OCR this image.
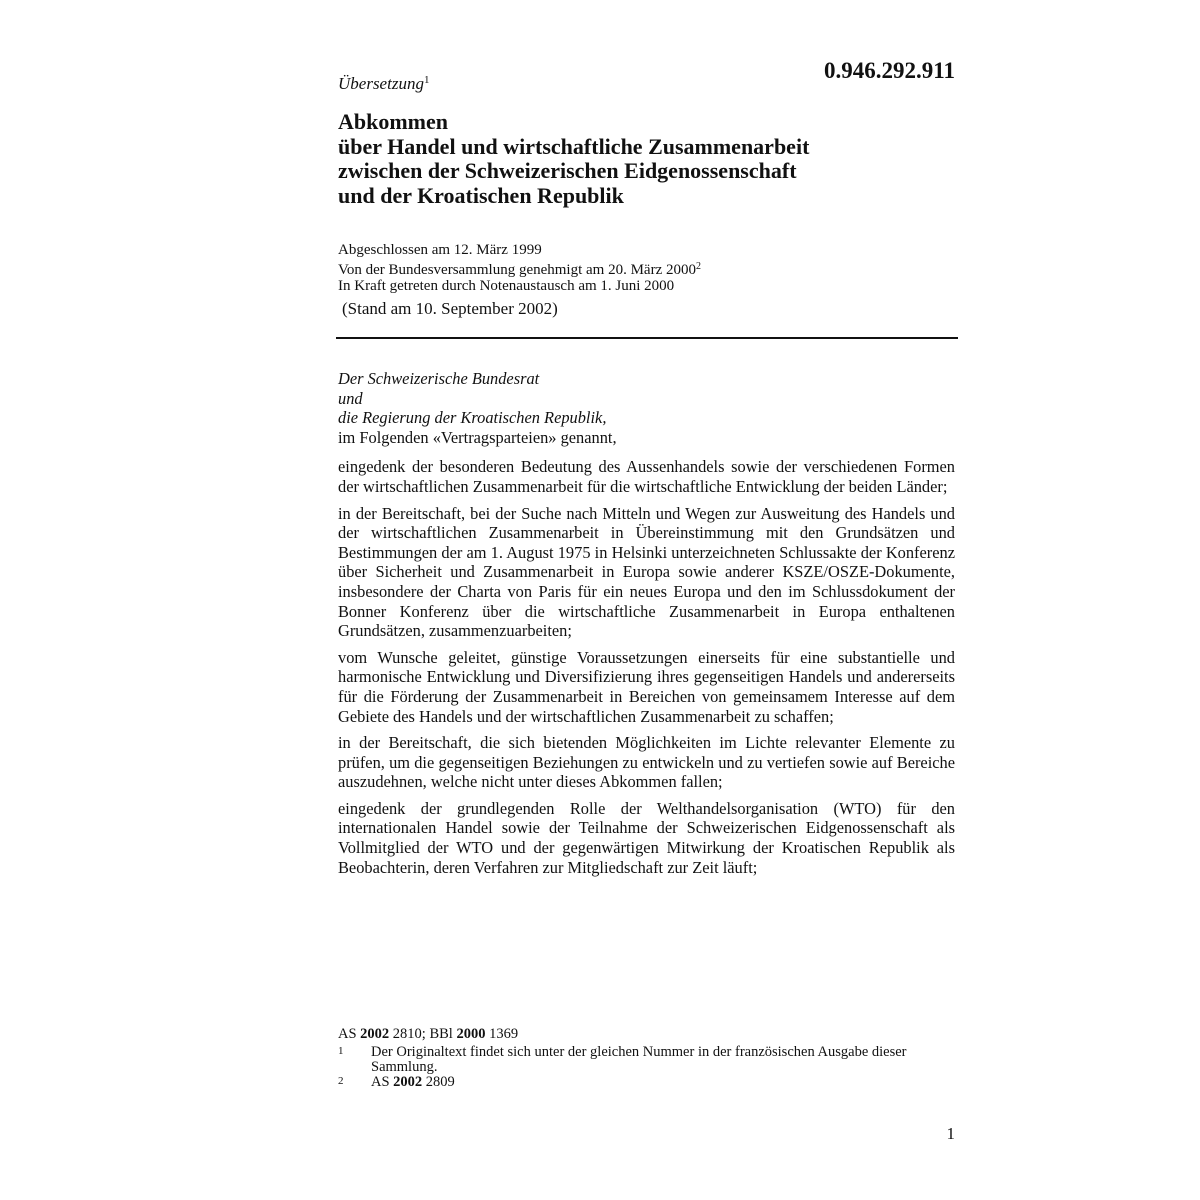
Übersetzung$^1$	0.946.292.911
Abkommen
über Handel und wirtschaftliche Zusammenarbeit
zwischen der Schweizerischen Eidgenossenschaft
und der Kroatischen Republik
Abgeschlossen am 12. März 1999
Von der Bundesversammlung genehmigt am 20. März 2000$^2$
In Kraft getreten durch Notenaustausch am 1. Juni 2000
(Stand am 10. September 2002)
Der Schweizerische Bundesrat
und
die Regierung der Kroatischen Republik,
im Folgenden «Vertragsparteien» genannt,
eingedenk der besonderen Bedeutung des Aussenhandels sowie der verschiedenen Formen der wirtschaftlichen Zusammenarbeit für die wirtschaftliche Entwicklung der beiden Länder;
in der Bereitschaft, bei der Suche nach Mitteln und Wegen zur Ausweitung des Handels und der wirtschaftlichen Zusammenarbeit in Übereinstimmung mit den Grundsätzen und Bestimmungen der am 1. August 1975 in Helsinki unterzeichneten Schlussakte der Konferenz über Sicherheit und Zusammenarbeit in Europa sowie anderer KSZE/OSZE-Dokumente, insbesondere der Charta von Paris für ein neues Europa und den im Schlussdokument der Bonner Konferenz über die wirtschaftliche Zusammenarbeit in Europa enthaltenen Grundsätzen, zusammenzuarbeiten;
vom Wunsche geleitet, günstige Voraussetzungen einerseits für eine substantielle und harmonische Entwicklung und Diversifizierung ihres gegenseitigen Handels und andererseits für die Förderung der Zusammenarbeit in Bereichen von gemeinsamem Interesse auf dem Gebiete des Handels und der wirtschaftlichen Zusammenarbeit zu schaffen;
in der Bereitschaft, die sich bietenden Möglichkeiten im Lichte relevanter Elemente zu prüfen, um die gegenseitigen Beziehungen zu entwickeln und zu vertiefen sowie auf Bereiche auszudehnen, welche nicht unter dieses Abkommen fallen;
eingedenk der grundlegenden Rolle der Welthandelsorganisation (WTO) für den internationalen Handel sowie der Teilnahme der Schweizerischen Eidgenossenschaft als Vollmitglied der WTO und der gegenwärtigen Mitwirkung der Kroatischen Republik als Beobachterin, deren Verfahren zur Mitgliedschaft zur Zeit läuft;
AS 2002 2810; BBl 2000 1369
1	Der Originaltext findet sich unter der gleichen Nummer in der französischen Ausgabe dieser Sammlung.
2	AS 2002 2809
1
